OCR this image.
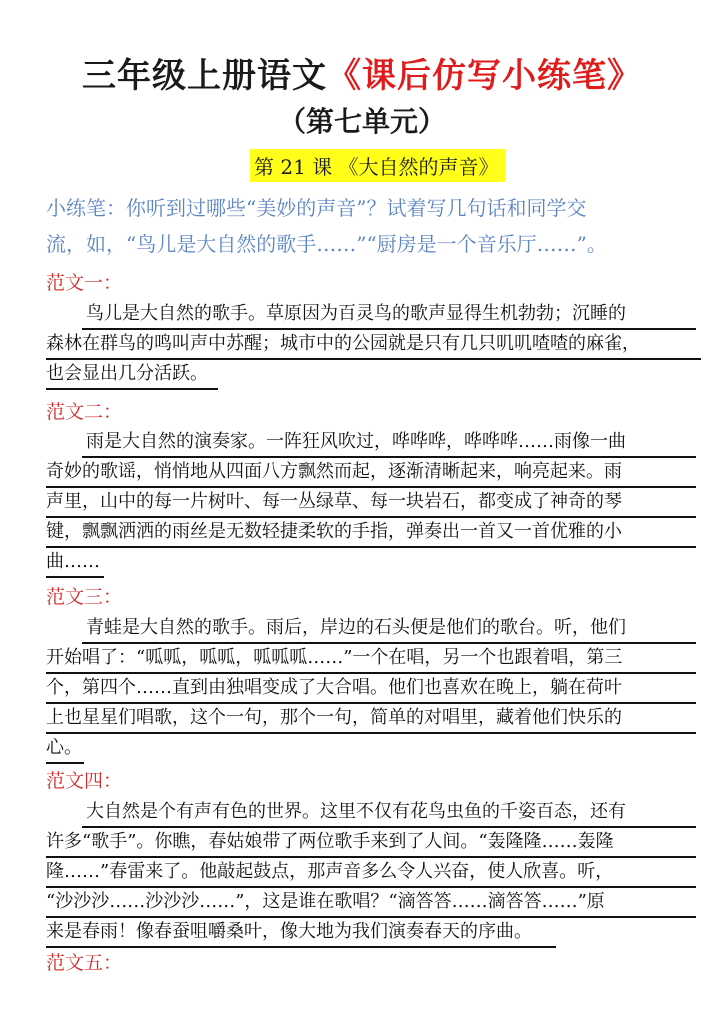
三年级上册语文《课后仿写小练笔》
（第七单元）
第 21 课 《大自然的声音》
小练笔：你听到过哪些“美妙的声音”？试着写几句话和同学交
流，如，“鸟儿是大自然的歌手……”“厨房是一个音乐厅……”。
范文一：
鸟儿是大自然的歌手。草原因为百灵鸟的歌声显得生机勃勃；沉睡的
森林在群鸟的鸣叫声中苏醒；城市中的公园就是只有几只叽叽喳喳的麻雀，
也会显出几分活跃。
范文二：
雨是大自然的演奏家。一阵狂风吹过，哗哗哗，哗哗哗……雨像一曲
奇妙的歌谣，悄悄地从四面八方飘然而起，逐渐清晰起来，响亮起来。雨
声里，山中的每一片树叶、每一丛绿草、每一块岩石，都变成了神奇的琴
键，飘飘洒洒的雨丝是无数轻捷柔软的手指，弹奏出一首又一首优雅的小
曲……
范文三：
青蛙是大自然的歌手。雨后，岸边的石头便是他们的歌台。听，他们
开始唱了：“呱呱，呱呱，呱呱呱……”一个在唱，另一个也跟着唱，第三
个，第四个……直到由独唱变成了大合唱。他们也喜欢在晚上，躺在荷叶
上也星星们唱歌，这个一句，那个一句，简单的对唱里，藏着他们快乐的
心。
范文四：
大自然是个有声有色的世界。这里不仅有花鸟虫鱼的千姿百态，还有
许多“歌手”。你瞧，春姑娘带了两位歌手来到了人间。“轰隆隆……轰隆
隆……”春雷来了。他敲起鼓点，那声音多么令人兴奋，使人欣喜。听，
“沙沙沙……沙沙沙……”，这是谁在歌唱？“滴答答……滴答答……”原
来是春雨！像春蚕咀嚼桑叶，像大地为我们演奏春天的序曲。
范文五：
